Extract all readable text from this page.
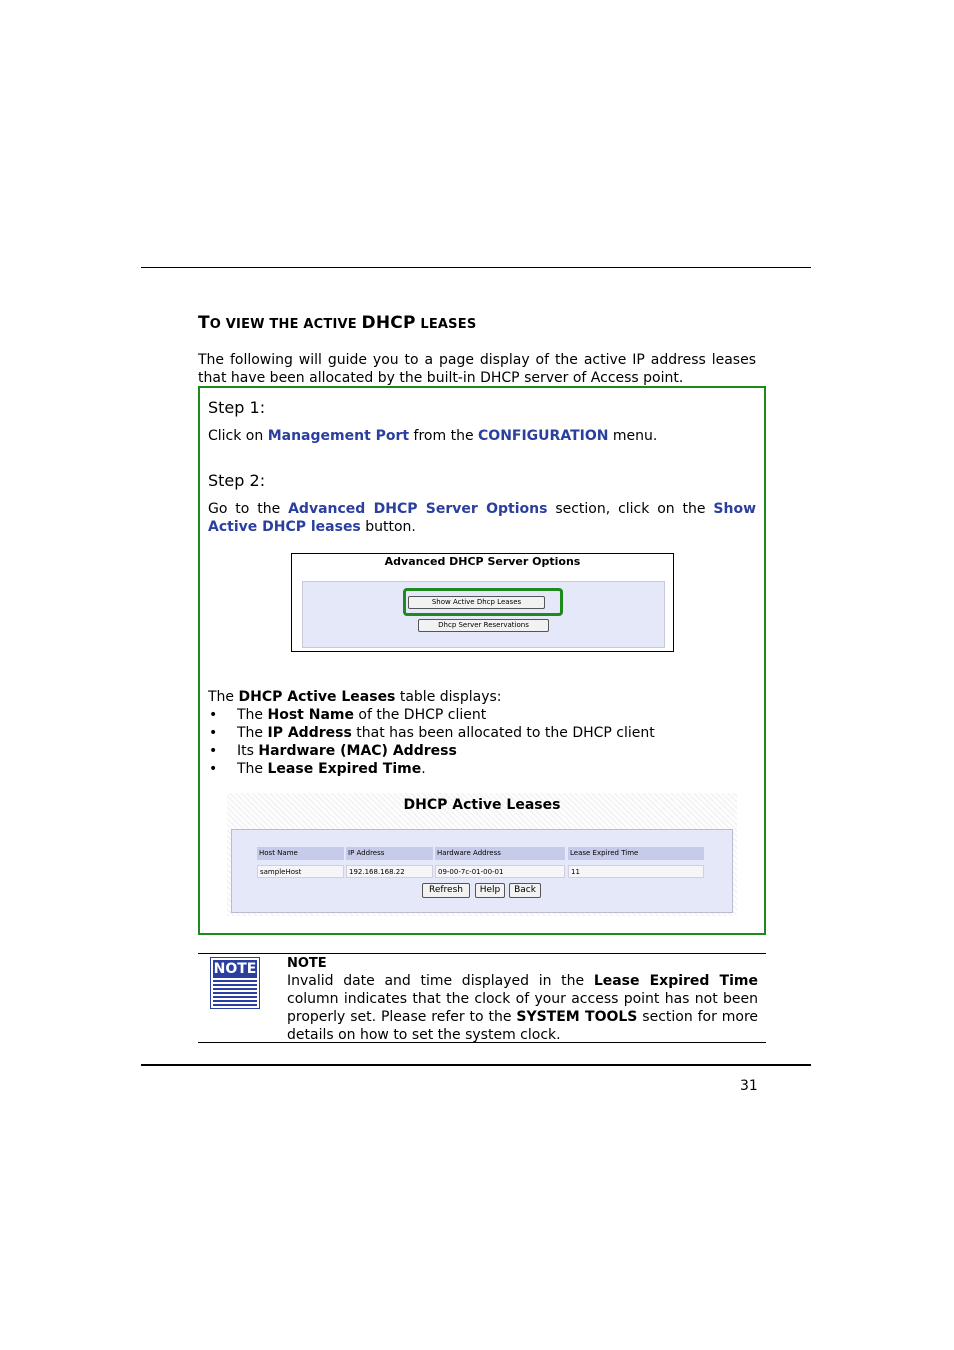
TO VIEW THE ACTIVE DHCP LEASES
The following will guide you to a page display of the active IP address leases that have been allocated by the built-in DHCP server of Access point.
Step 1:
Click on Management Port from the CONFIGURATION menu.
Step 2:
Go to the Advanced DHCP Server Options section, click on the Show Active DHCP leases button.
Advanced DHCP Server Options
Show Active Dhcp Leases
Dhcp Server Reservations
The DHCP Active Leases table displays:
• The Host Name of the DHCP client
• The IP Address that has been allocated to the DHCP client
• Its Hardware (MAC) Address
• The Lease Expired Time.
DHCP Active Leases
Host Name	IP Address	Hardware Address	Lease Expired Time
sampleHost	192.168.168.22	09-00-7c-01-00-01	11
Refresh	Help	Back
NOTE NOTE
Invalid date and time displayed in the Lease Expired Time column indicates that the clock of your access point has not been properly set. Please refer to the SYSTEM TOOLS section for more details on how to set the system clock.
31
